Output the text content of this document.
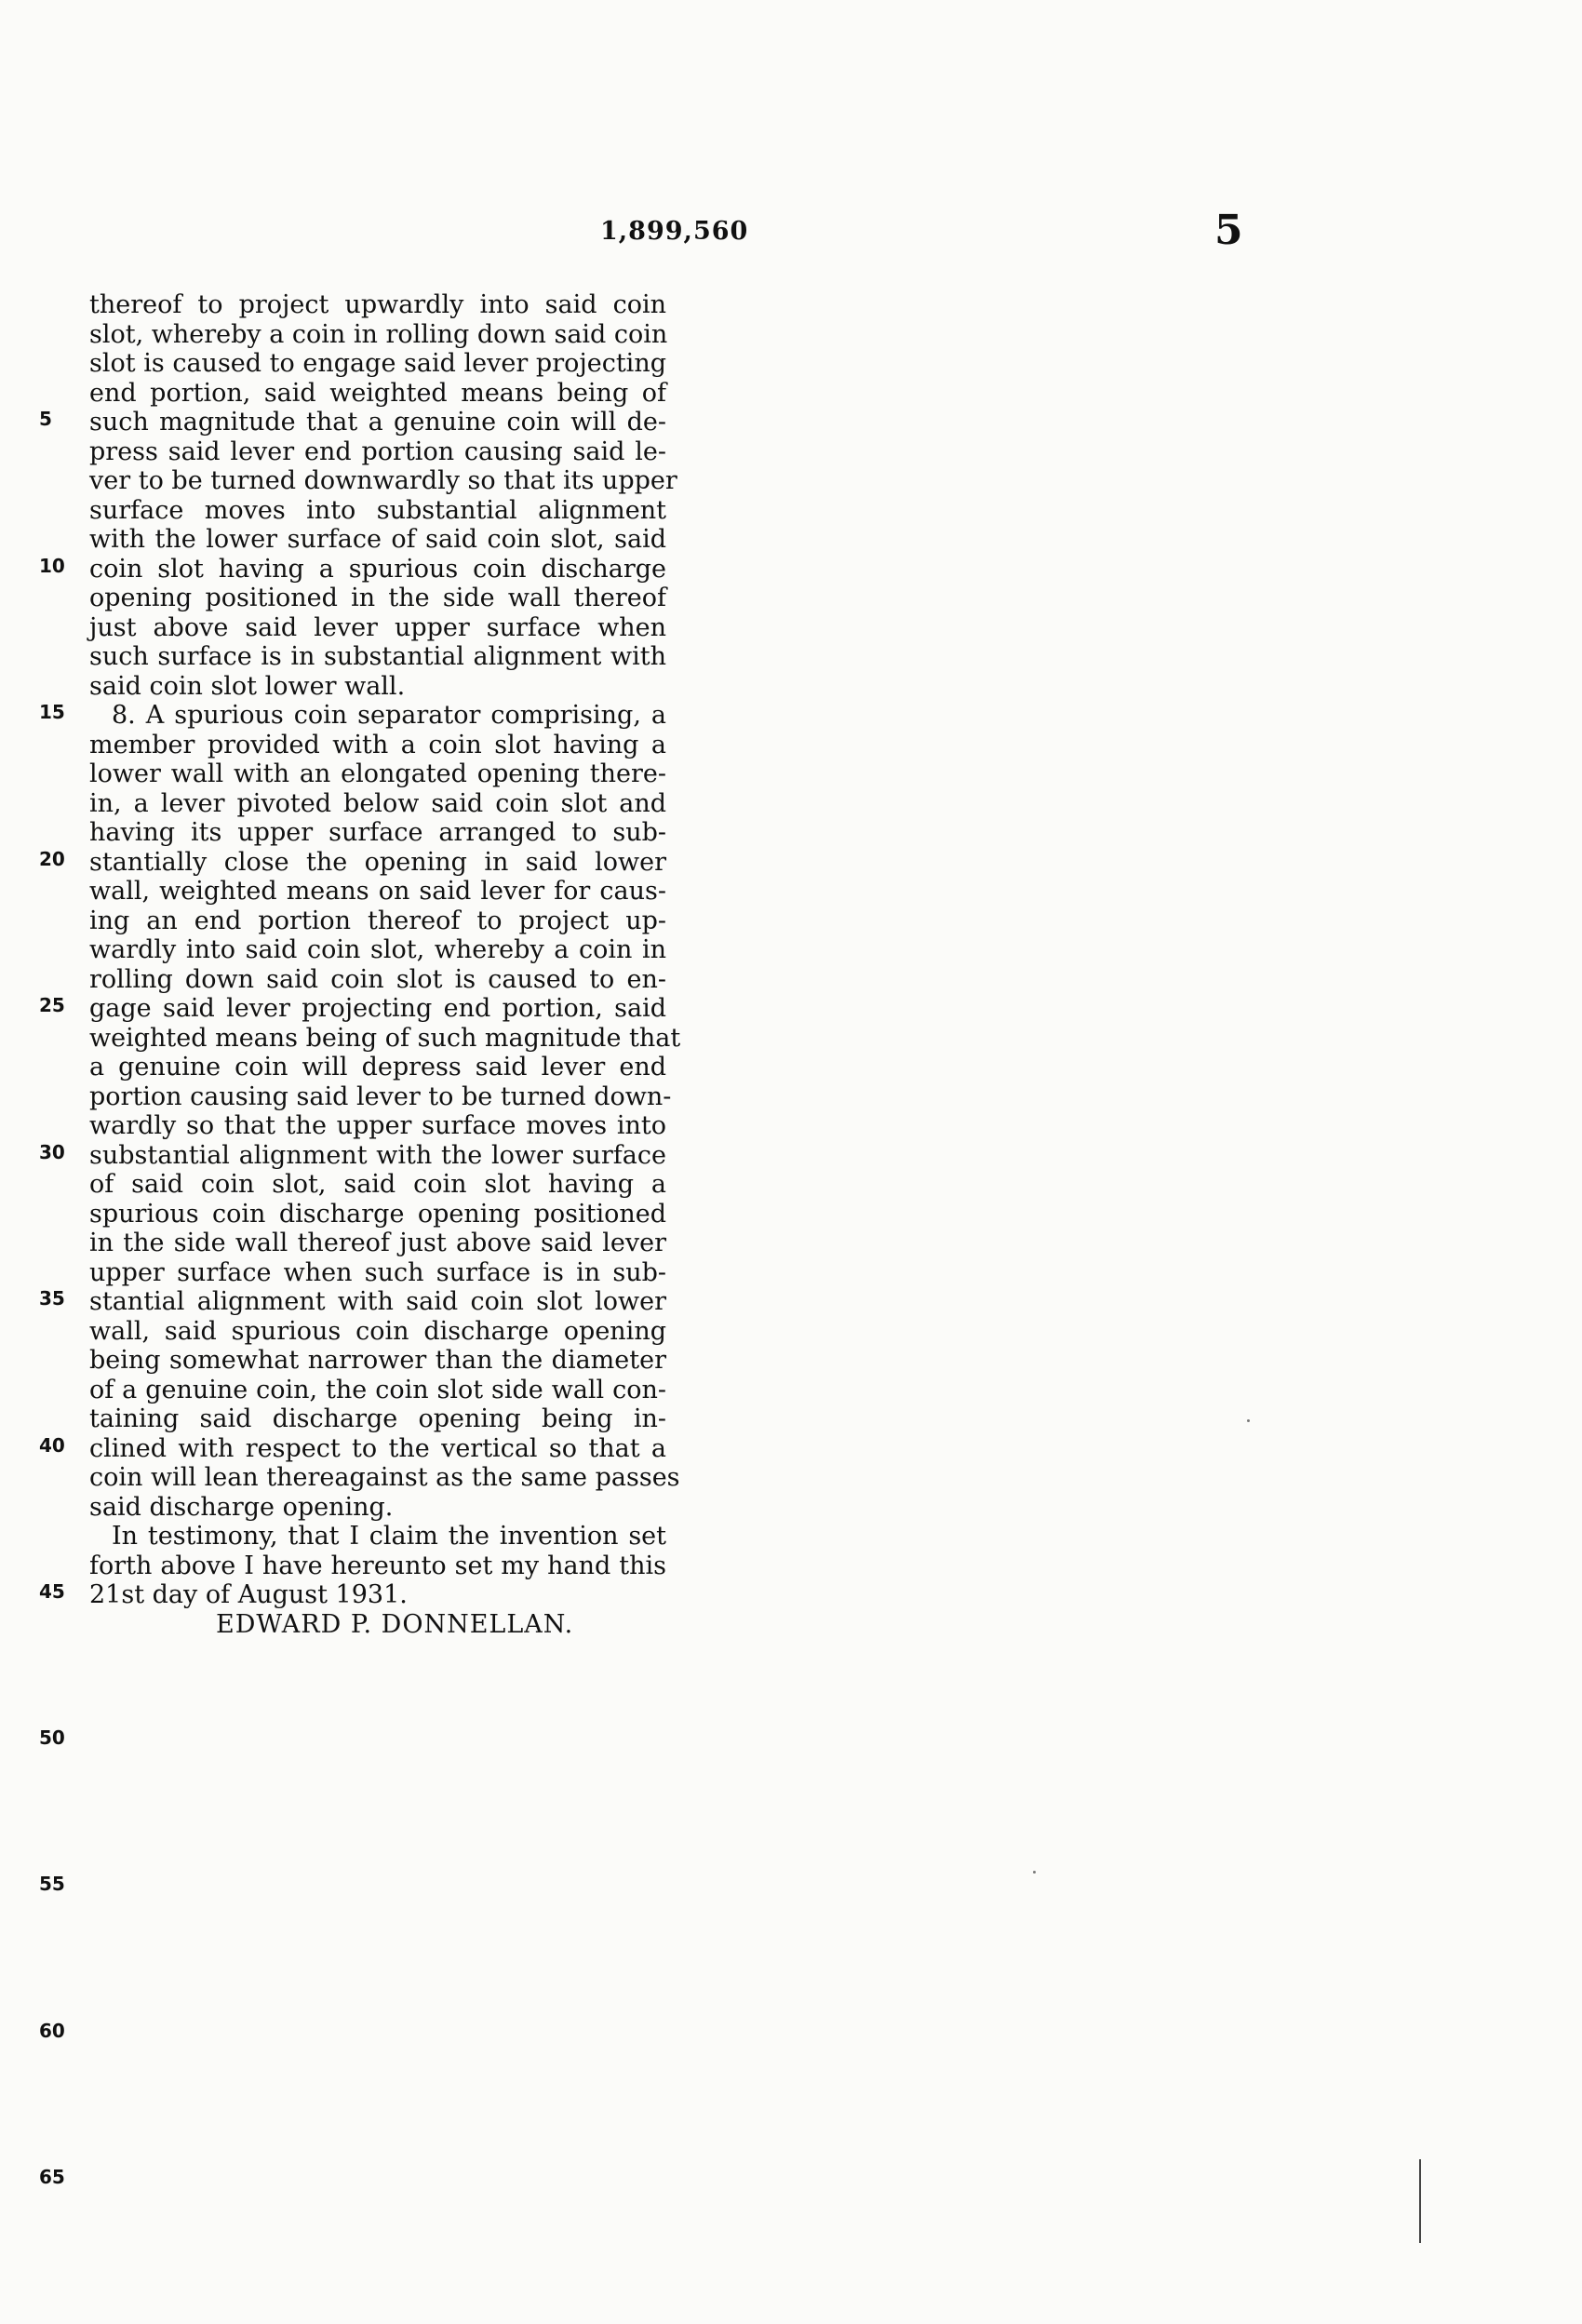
1,899,560	5
thereof to project upwardly into said coin
slot, whereby a coin in rolling down said coin
slot is caused to engage said lever projecting
end portion, said weighted means being of
such magnitude that a genuine coin will de-
press said lever end portion causing said le-
ver to be turned downwardly so that its upper
surface moves into substantial alignment
with the lower surface of said coin slot, said
coin slot having a spurious coin discharge
opening positioned in the side wall thereof
just above said lever upper surface when
such surface is in substantial alignment with
said coin slot lower wall.
8. A spurious coin separator comprising, a
member provided with a coin slot having a
lower wall with an elongated opening there-
in, a lever pivoted below said coin slot and
having its upper surface arranged to sub-
stantially close the opening in said lower
wall, weighted means on said lever for caus-
ing an end portion thereof to project up-
wardly into said coin slot, whereby a coin in
rolling down said coin slot is caused to en-
gage said lever projecting end portion, said
weighted means being of such magnitude that
a genuine coin will depress said lever end
portion causing said lever to be turned down-
wardly so that the upper surface moves into
substantial alignment with the lower surface
of said coin slot, said coin slot having a
spurious coin discharge opening positioned
in the side wall thereof just above said lever
upper surface when such surface is in sub-
stantial alignment with said coin slot lower
wall, said spurious coin discharge opening
being somewhat narrower than the diameter
of a genuine coin, the coin slot side wall con-
taining said discharge opening being in-
clined with respect to the vertical so that a
coin will lean thereagainst as the same passes
said discharge opening.
In testimony, that I claim the invention set
forth above I have hereunto set my hand this
21st day of August 1931.
EDWARD P. DONNELLAN.
5
10
15
20
25
30
35
40
45
50
55
60
65
